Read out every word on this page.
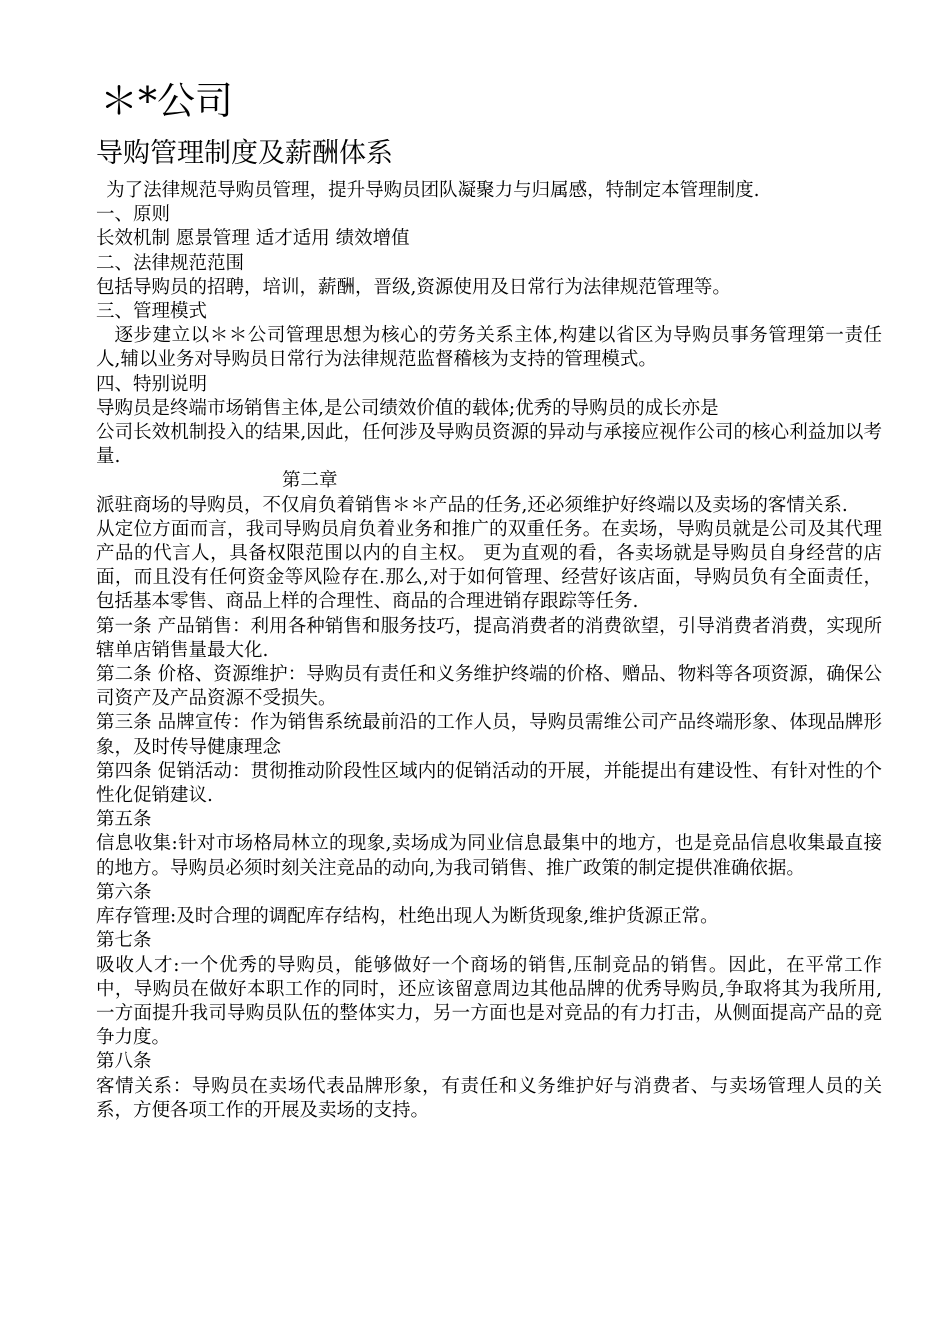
＊*公司
导购管理制度及薪酬体系

为了法律规范导购员管理，提升导购员团队凝聚力与归属感，特制定本管理制度.

一、原则

长效机制 愿景管理 适才适用 绩效增值

二、法律规范范围

包括导购员的招聘，培训，薪酬，晋级,资源使用及日常行为法律规范管理等。

三、管理模式

逐步建立以＊＊公司管理思想为核心的劳务关系主体,构建以省区为导购员事务管理第一责任人,辅以业务对导购员日常行为法律规范监督稽核为支持的管理模式。

四、特别说明

导购员是终端市场销售主体,是公司绩效价值的载体;优秀的导购员的成长亦是

公司长效机制投入的结果,因此，任何涉及导购员资源的异动与承接应视作公司的核心利益加以考量.

第二章

派驻商场的导购员，不仅肩负着销售＊＊产品的任务,还必须维护好终端以及卖场的客情关系.

从定位方面而言，我司导购员肩负着业务和推广的双重任务。在卖场，导购员就是公司及其代理产品的代言人，具备权限范围以内的自主权。 更为直观的看，各卖场就是导购员自身经营的店面，而且没有任何资金等风险存在.那么,对于如何管理、经营好该店面，导购员负有全面责任，包括基本零售、商品上样的合理性、商品的合理进销存跟踪等任务.

第一条 产品销售：利用各种销售和服务技巧，提高消费者的消费欲望，引导消费者消费，实现所辖单店销售量最大化.

第二条 价格、资源维护：导购员有责任和义务维护终端的价格、赠品、物料等各项资源，确保公司资产及产品资源不受损失。

第三条 品牌宣传：作为销售系统最前沿的工作人员，导购员需维公司产品终端形象、体现品牌形象，及时传导健康理念

第四条 促销活动：贯彻推动阶段性区域内的促销活动的开展，并能提出有建设性、有针对性的个性化促销建议.

第五条

信息收集:针对市场格局林立的现象,卖场成为同业信息最集中的地方，也是竞品信息收集最直接的地方。导购员必须时刻关注竞品的动向,为我司销售、推广政策的制定提供准确依据。

第六条

库存管理:及时合理的调配库存结构，杜绝出现人为断货现象,维护货源正常。

第七条

吸收人才:一个优秀的导购员，能够做好一个商场的销售,压制竞品的销售。因此，在平常工作中，导购员在做好本职工作的同时，还应该留意周边其他品牌的优秀导购员,争取将其为我所用,一方面提升我司导购员队伍的整体实力，另一方面也是对竞品的有力打击，从侧面提高产品的竞争力度。

第八条

客情关系：导购员在卖场代表品牌形象，有责任和义务维护好与消费者、与卖场管理人员的关系，方便各项工作的开展及卖场的支持。
